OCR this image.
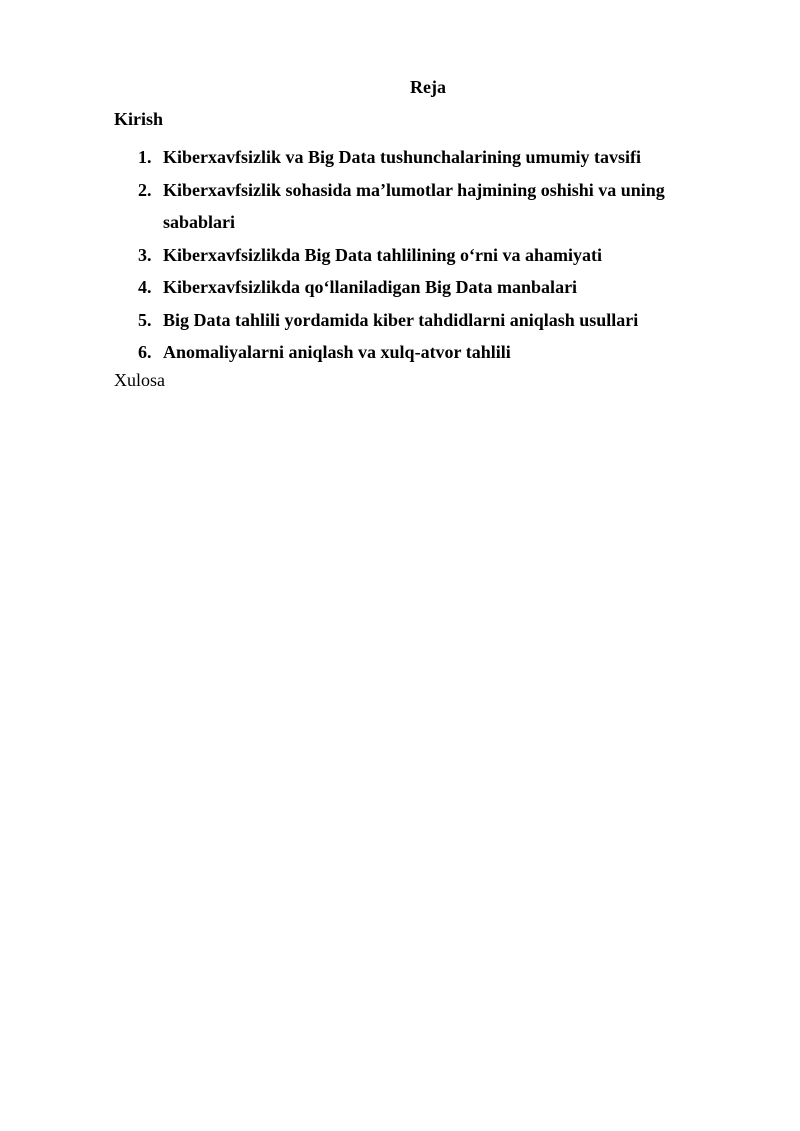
Reja

Kirish

1. Kiberxavfsizlik va Big Data tushunchalarining umumiy tavsifi
2. Kiberxavfsizlik sohasida ma’lumotlar hajmining oshishi va uning sabablari
3. Kiberxavfsizlikda Big Data tahlilining o‘rni va ahamiyati
4. Kiberxavfsizlikda qo‘llaniladigan Big Data manbalari
5. Big Data tahlili yordamida kiber tahdidlarni aniqlash usullari
6. Anomaliyalarni aniqlash va xulq-atvor tahlili

Xulosa
